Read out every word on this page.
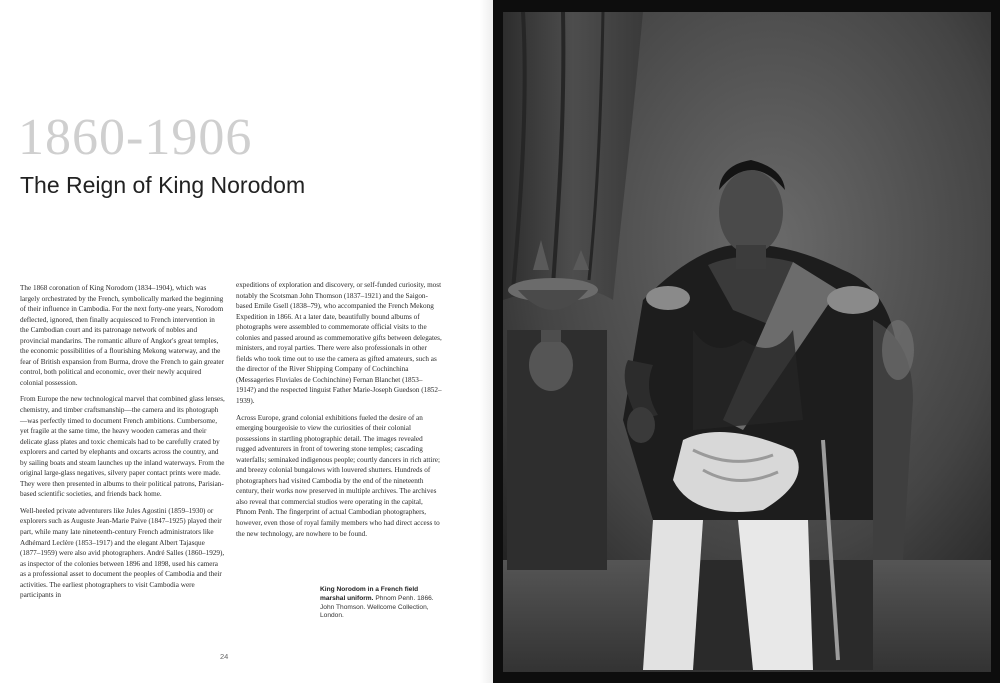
1860-1906
The Reign of King Norodom

The 1868 coronation of King Norodom (1834–1904), which was largely orchestrated by the French, symbolically marked the beginning of their influence in Cambodia. For the next forty-one years, Norodom deflected, ignored, then finally acquiesced to French intervention in the Cambodian court and its patronage network of nobles and provincial mandarins. The romantic allure of Angkor's great temples, the economic possibilities of a flourishing Mekong waterway, and the fear of British expansion from Burma, drove the French to gain greater control, both political and economic, over their newly acquired colonial possession.

From Europe the new technological marvel that combined glass lenses, chemistry, and timber craftsmanship—the camera and its photograph—was perfectly timed to document French ambitions. Cumbersome, yet fragile at the same time, the heavy wooden cameras and their delicate glass plates and toxic chemicals had to be carefully crated by explorers and carted by elephants and oxcarts across the country, and by sailing boats and steam launches up the inland waterways. From the original large-glass negatives, silvery paper contact prints were made. They were then presented in albums to their political patrons, Parisian-based scientific societies, and friends back home.

Well-heeled private adventurers like Jules Agostini (1859–1930) or explorers such as Auguste Jean-Marie Paive (1847–1925) played their part, while many late nineteenth-century French administrators like Adhémard Leclère (1853–1917) and the elegant Albert Tajasque (1877–1959) were also avid photographers. André Salles (1860–1929), as inspector of the colonies between 1896 and 1898, used his camera as a professional asset to document the peoples of Cambodia and their activities. The earliest photographers to visit Cambodia were participants in

expeditions of exploration and discovery, or self-funded curiosity, most notably the Scotsman John Thomson (1837–1921) and the Saigon-based Emile Gsell (1838–79), who accompanied the French Mekong Expedition in 1866. At a later date, beautifully bound albums of photographs were assembled to commemorate official visits to the colonies and passed around as commemorative gifts between delegates, ministers, and royal parties. There were also professionals in other fields who took time out to use the camera as gifted amateurs, such as the director of the River Shipping Company of Cochinchina (Messageries Fluviales de Cochinchine) Fernan Blanchet (1853–1914?) and the respected linguist Father Marie-Joseph Guedson (1852–1939).

Across Europe, grand colonial exhibitions fueled the desire of an emerging bourgeoisie to view the curiosities of their colonial possessions in startling photographic detail. The images revealed rugged adventurers in front of towering stone temples; cascading waterfalls; seminaked indigenous people; courtly dancers in rich attire; and breezy colonial bungalows with louvered shutters. Hundreds of photographers had visited Cambodia by the end of the nineteenth century, their works now preserved in multiple archives. The archives also reveal that commercial studios were operating in the capital, Phnom Penh. The fingerprint of actual Cambodian photographers, however, even those of royal family members who had direct access to the new technology, are nowhere to be found.

King Norodom in a French field marshal uniform. Phnom Penh. 1866. John Thomson. Wellcome Collection, London.
24
